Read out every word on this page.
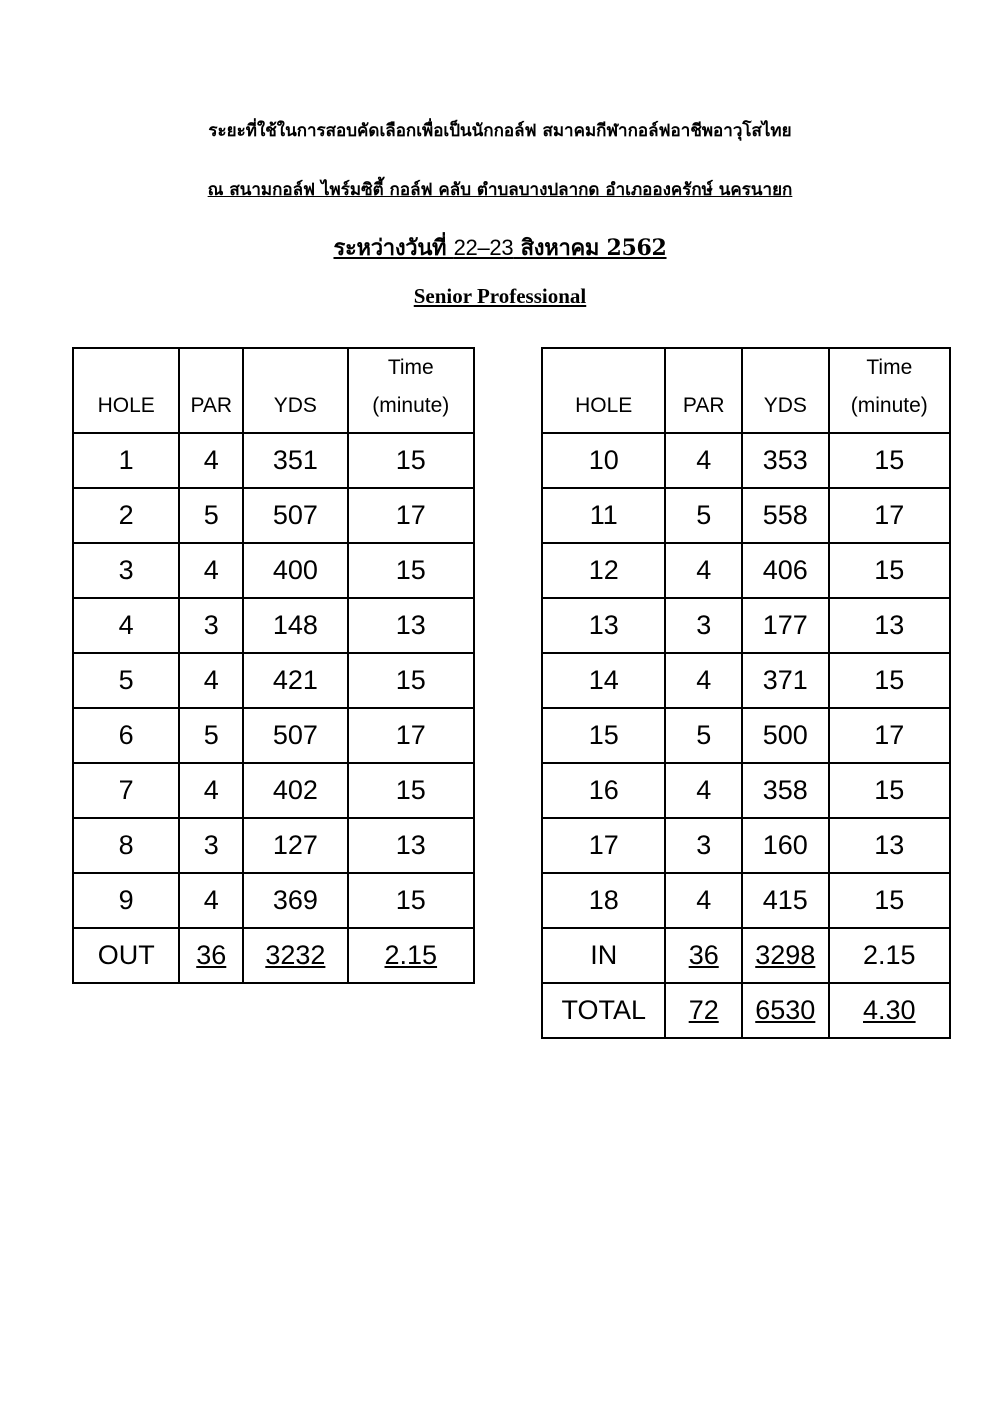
ระยะที่ใช้ในการสอบคัดเลือกเพื่อเป็นนักกอล์ฟ สมาคมกีฬากอล์ฟอาชีพอาวุโสไทย
ณ สนามกอล์ฟ ไพร์มซิตี้ กอล์ฟ คลับ ตำบลบางปลากด อำเภอองครักษ์ นครนายก
ระหว่างวันที่ 22–23 สิงหาคม 2562
Senior Professional
HOLE	PAR	YDS	Time
(minute)

1	4	351	15
2	5	507	17
3	4	400	15
4	3	148	13
5	4	421	15
6	5	507	17
7	4	402	15
8	3	127	13
9	4	369	15
OUT	36	3232	2.15
HOLE	PAR	YDS	Time
(minute)

10	4	353	15
11	5	558	17
12	4	406	15
13	3	177	13
14	4	371	15
15	5	500	17
16	4	358	15
17	3	160	13
18	4	415	15
IN	36	3298	2.15
TOTAL	72	6530	4.30
